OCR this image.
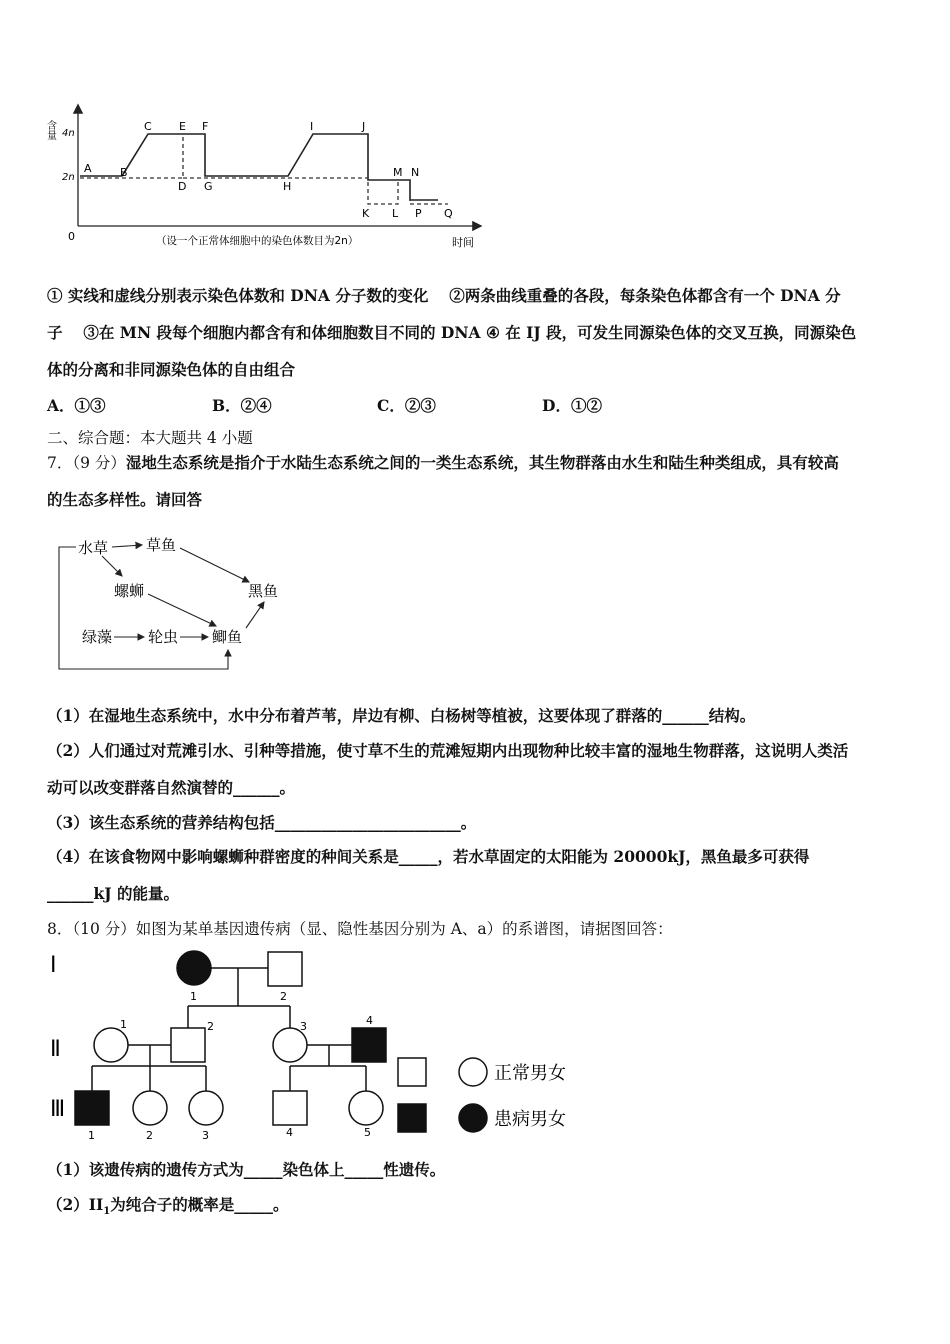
含量 4n
2n
0	时间
（设一个正常体细胞中的染色体数目为2n）
A	B
C
D
E F
G	H
I	J
K L
M N
P Q
① 实线和虚线分别表示染色体数和 DNA 分子数的变化　 ②两条曲线重叠的各段，每条染色体都含有一个 DNA 分
子　 ③在 MN 段每个细胞内都含有和体细胞数目不同的 DNA ④ 在 IJ 段，可发生同源染色体的交叉互换，同源染色
体的分离和非同源染色体的自由组合
A．①③	B．②④	C．②③	D．①②
二、综合题：本大题共 4 小题
7．（9 分）湿地生态系统是指介于水陆生态系统之间的一类生态系统，其生物群落由水生和陆生种类组成，具有较高
的生态多样性。请回答
水草	草鱼
螺蛳	黑鱼
绿藻 轮虫 鲫鱼
（1）在湿地生态系统中，水中分布着芦苇，岸边有柳、白杨树等植被，这要体现了群落的______结构。
（2）人们通过对荒滩引水、引种等措施，使寸草不生的荒滩短期内出现物种比较丰富的湿地生物群落，这说明人类活
动可以改变群落自然演替的______。
（3）该生态系统的营养结构包括________________________。
（4）在该食物网中影响螺蛳种群密度的种间关系是_____，若水草固定的太阳能为 20000kJ，黑鱼最多可获得
______kJ 的能量。
8．（10 分）如图为某单基因遗传病（显、隐性基因分别为 A、a）的系谱图，请据图回答：
Ⅰ
Ⅱ
Ⅲ
1	2
1	2	3	4
1	2	3	4	5
正常男女
患病男女
（1）该遗传病的遗传方式为_____染色体上_____性遗传。
$(2)II_1$为纯合子的概率是_____。
